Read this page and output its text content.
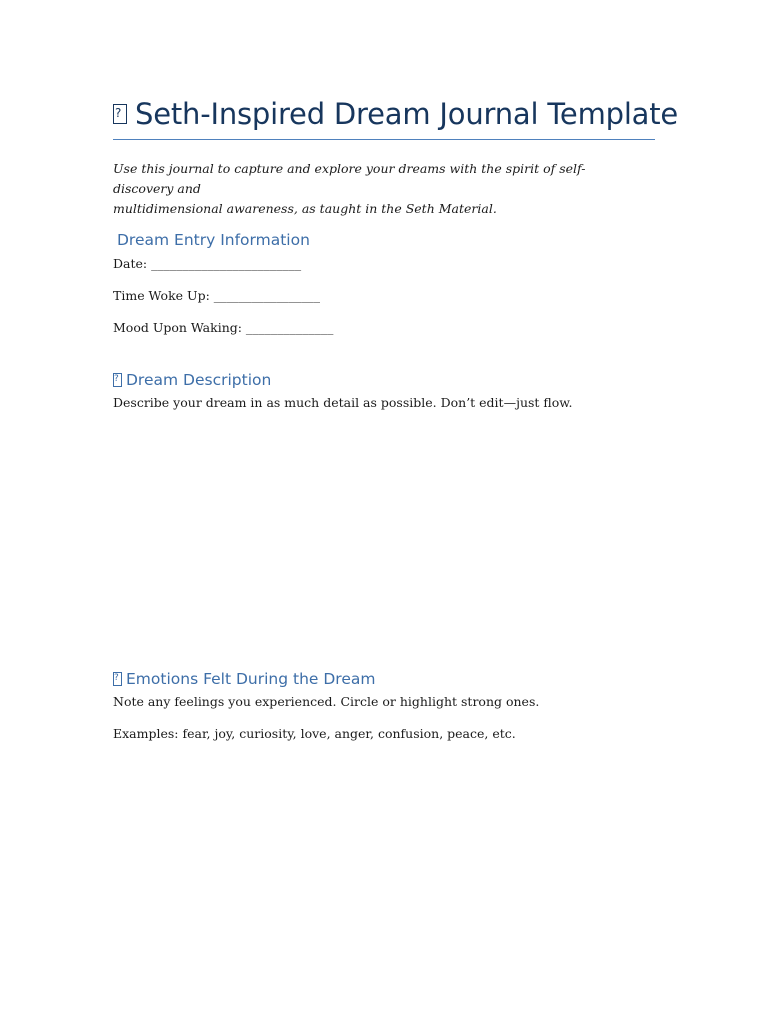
?
Seth-Inspired Dream Journal Template
Use this journal to capture and explore your dreams with the spirit of self-discovery and
multidimensional awareness, as taught in the Seth Material.
Dream Entry Information
Date: ________________________
Time Woke Up: _________________
Mood Upon Waking: ______________
?
Dream Description
Describe your dream in as much detail as possible. Don’t edit—just flow.
?
Emotions Felt During the Dream
Note any feelings you experienced. Circle or highlight strong ones.
Examples: fear, joy, curiosity, love, anger, confusion, peace, etc.
